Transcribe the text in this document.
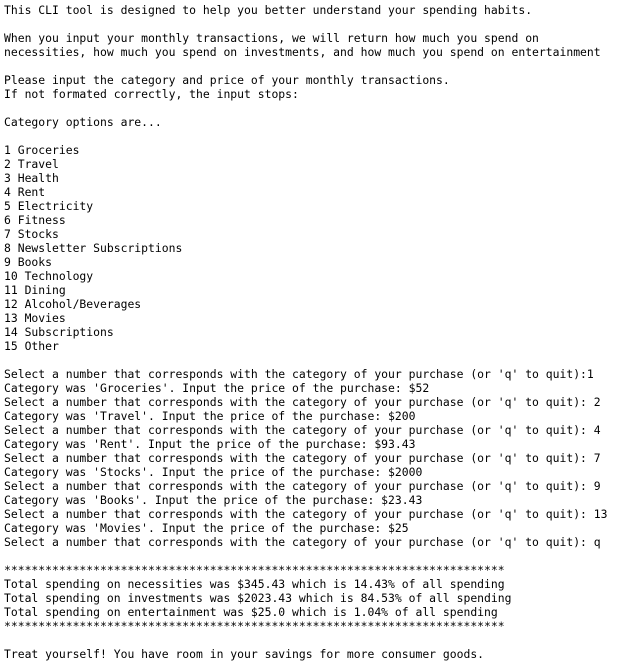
This CLI tool is designed to help you better understand your spending habits.
When you input your monthly transactions, we will return how much you spend on
necessities, how much you spend on investments, and how much you spend on entertainment
Please input the category and price of your monthly transactions.
If not formated correctly, the input stops:
Category options are...
1 Groceries
2 Travel
3 Health
4 Rent
5 Electricity
6 Fitness
7 Stocks
8 Newsletter Subscriptions
9 Books
10 Technology
11 Dining
12 Alcohol/Beverages
13 Movies
14 Subscriptions
15 Other
Select a number that corresponds with the category of your purchase (or 'q' to quit):1
Category was 'Groceries'. Input the price of the purchase: $52
Select a number that corresponds with the category of your purchase (or 'q' to quit): 2
Category was 'Travel'. Input the price of the purchase: $200
Select a number that corresponds with the category of your purchase (or 'q' to quit): 4
Category was 'Rent'. Input the price of the purchase: $93.43
Select a number that corresponds with the category of your purchase (or 'q' to quit): 7
Category was 'Stocks'. Input the price of the purchase: $2000
Select a number that corresponds with the category of your purchase (or 'q' to quit): 9
Category was 'Books'. Input the price of the purchase: $23.43
Select a number that corresponds with the category of your purchase (or 'q' to quit): 13
Category was 'Movies'. Input the price of the purchase: $25
Select a number that corresponds with the category of your purchase (or 'q' to quit): q
*************************************************************************
Total spending on necessities was $345.43 which is 14.43% of all spending
Total spending on investments was $2023.43 which is 84.53% of all spending
Total spending on entertainment was $25.0 which is 1.04% of all spending
*************************************************************************
Treat yourself! You have room in your savings for more consumer goods.
